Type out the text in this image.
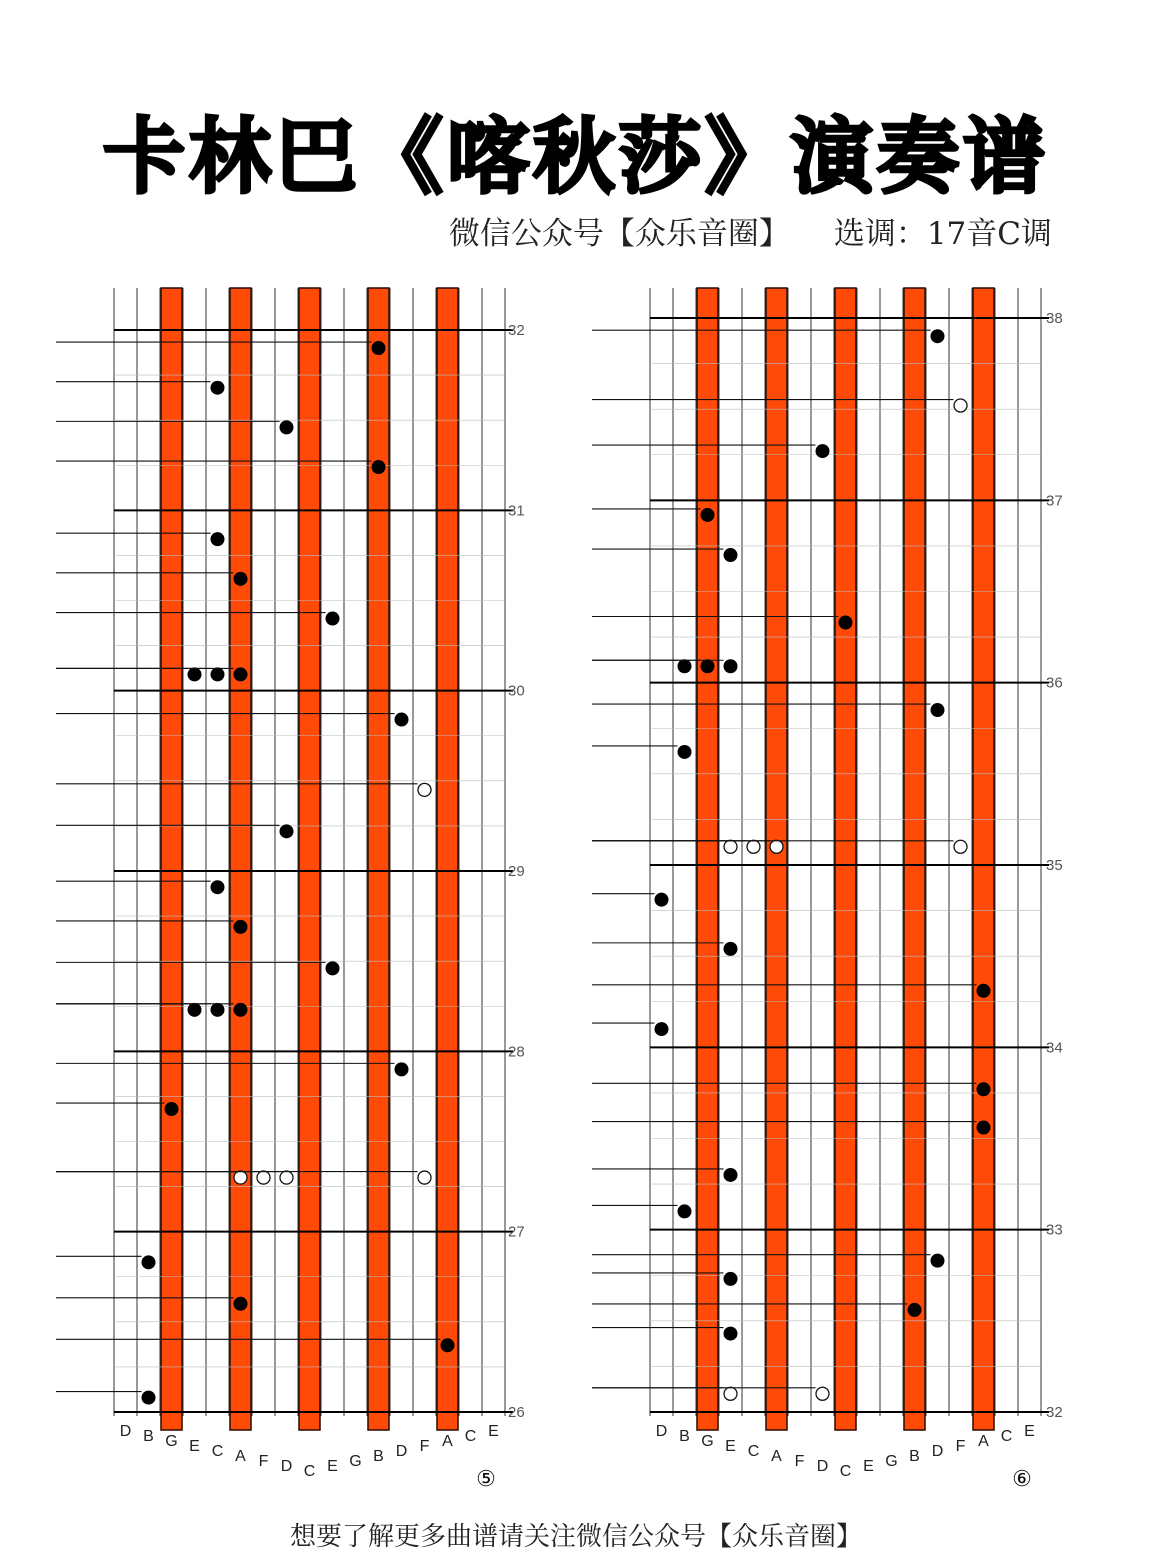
卡林巴《喀秋莎》演奏谱
微信公众号【众乐音圈】 选调：17音C调
26
27
28
29
30
31
32
D B G E C A F D C E G B D F A C E
⑤
32
33
34
35
36
37
38
D B G E C A F D C E G B D F A C E
⑥
想要了解更多曲谱请关注微信公众号【众乐音圈】
